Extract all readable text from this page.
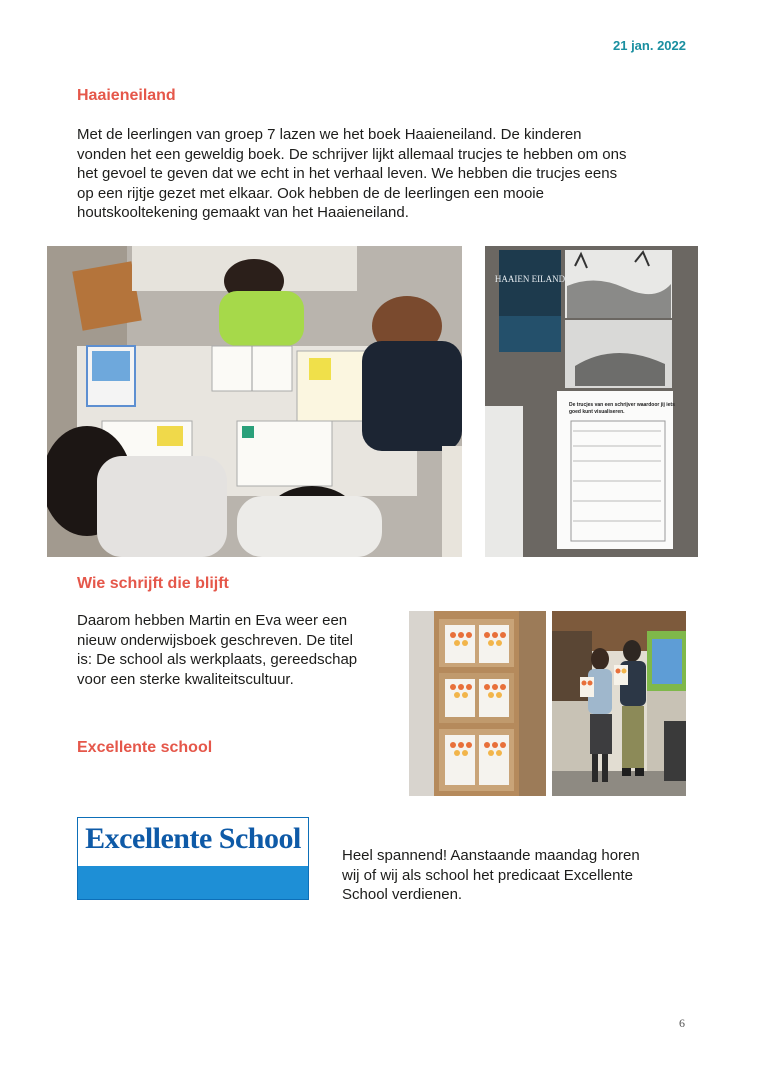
21 jan. 2022
Haaieneiland

Met de leerlingen van groep 7 lazen we het boek Haaieneiland. De kinderen
vonden het een geweldig boek. De schrijver lijkt allemaal trucjes te hebben om ons
het gevoel te geven dat we echt in het verhaal leven. We hebben die trucjes eens
op een rijtje gezet met elkaar. Ook hebben de de leerlingen een mooie
houtskooltekening gemaakt van het Haaieneiland.

HAAIEN EILAND
De trucjes van een schrijver waardoor jij iets
goed kunt visualiseren.
Wie schrijft die blijft

Daarom hebben Martin en Eva weer een
nieuw onderwijsboek geschreven. De titel
is: De school als werkplaats, gereedschap
voor een sterke kwaliteitscultuur.

Excellente school
Excellente School

Heel spannend! Aanstaande maandag horen
wij of wij als school het predicaat Excellente
School verdienen.

6
